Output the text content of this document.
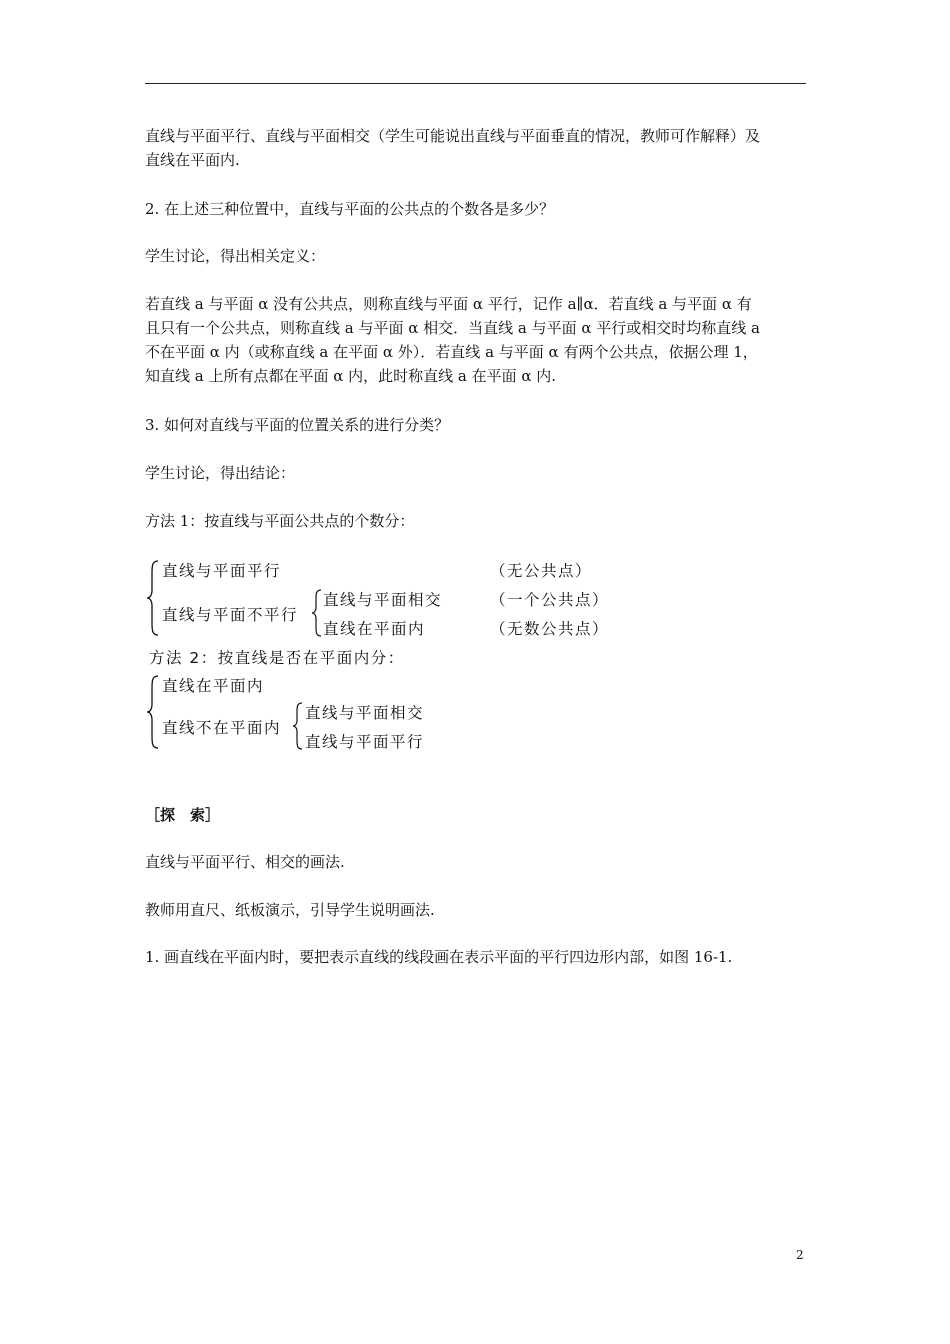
直线与平面平行、直线与平面相交（学生可能说出直线与平面垂直的情况，教师可作解释）及
直线在平面内.
2. 在上述三种位置中，直线与平面的公共点的个数各是多少？
学生讨论，得出相关定义：
若直线 a 与平面 α 没有公共点，则称直线与平面 α 平行，记作 a∥α．若直线 a 与平面 α 有
且只有一个公共点，则称直线 a 与平面 α 相交．当直线 a 与平面 α 平行或相交时均称直线 a
不在平面 α 内（或称直线 a 在平面 α 外）．若直线 a 与平面 α 有两个公共点，依据公理 1，
知直线 a 上所有点都在平面 α 内，此时称直线 a 在平面 α 内.
3. 如何对直线与平面的位置关系的进行分类？
学生讨论，得出结论：
方法 1：按直线与平面公共点的个数分：
直线与平面平行	（无公共点）
直线与平面不平行
直线与平面相交	（一个公共点）
直线在平面内	（无数公共点）
方法 2：按直线是否在平面内分：
直线在平面内
直线不在平面内
直线与平面相交
直线与平面平行
［探　索］
直线与平面平行、相交的画法.
教师用直尺、纸板演示，引导学生说明画法.
1. 画直线在平面内时，要把表示直线的线段画在表示平面的平行四边形内部，如图 16-1.
2
